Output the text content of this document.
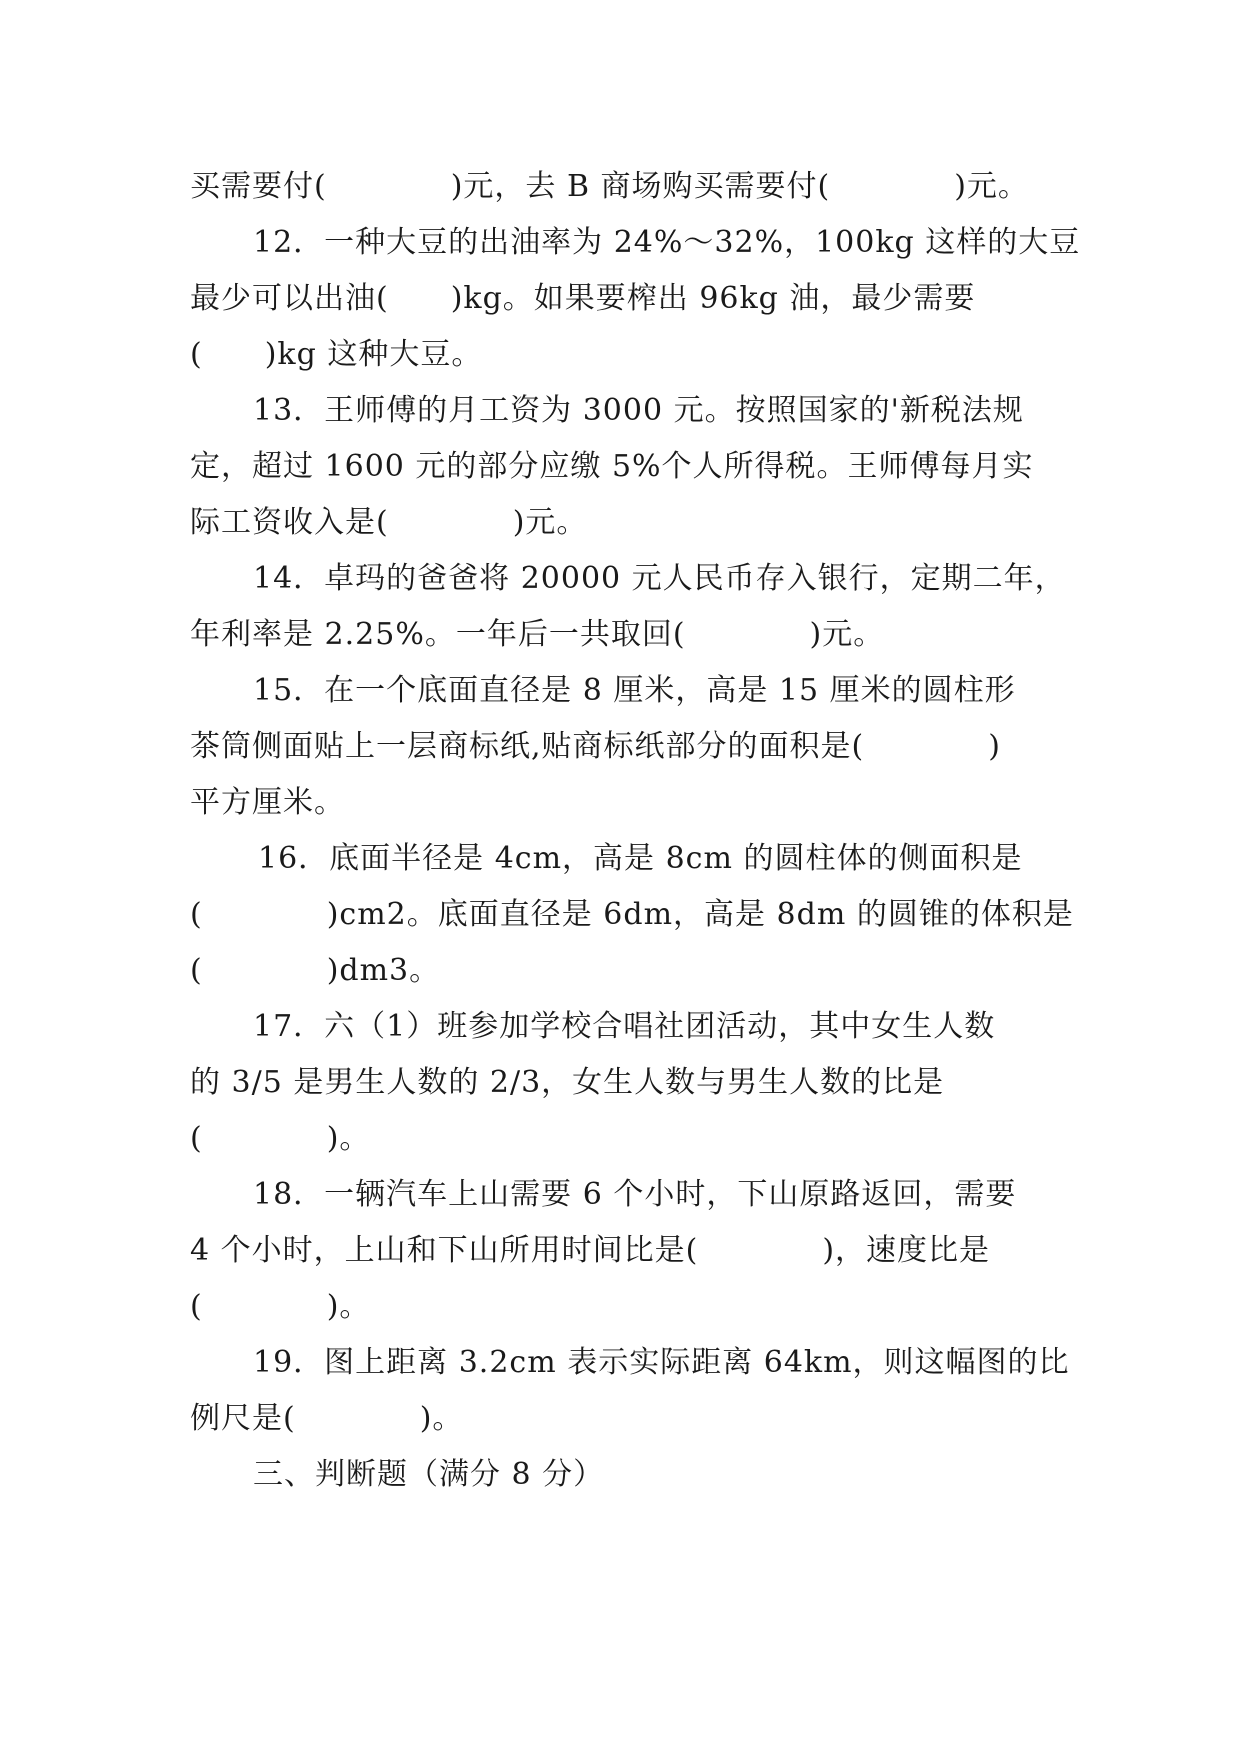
买需要付(　　　　)元，去 B 商场购买需要付(　　　　)元。
12．一种大豆的出油率为 24%～32%，100kg 这样的大豆
最少可以出油(　　)kg。如果要榨出 96kg 油，最少需要
(　　)kg 这种大豆。
13．王师傅的月工资为 3000 元。按照国家的'新税法规
定，超过 1600 元的部分应缴 5%个人所得税。王师傅每月实
际工资收入是(　　　　)元。
14．卓玛的爸爸将 20000 元人民币存入银行，定期二年，
年利率是 2.25%。一年后一共取回(　　　　)元。
15．在一个底面直径是 8 厘米，高是 15 厘米的圆柱形
茶筒侧面贴上一层商标纸,贴商标纸部分的面积是(　　　　)
平方厘米。
16．底面半径是 4cm，高是 8cm 的圆柱体的侧面积是
(　　　　)cm2。底面直径是 6dm，高是 8dm 的圆锥的体积是
(　　　　)dm3。
17．六（1）班参加学校合唱社团活动，其中女生人数
的 3/5 是男生人数的 2/3，女生人数与男生人数的比是
(　　　　)。
18．一辆汽车上山需要 6 个小时，下山原路返回，需要
4 个小时，上山和下山所用时间比是(　　　　)，速度比是
(　　　　)。
19．图上距离 3.2cm 表示实际距离 64km，则这幅图的比
例尺是(　　　　)。
三、判断题（满分 8 分）
